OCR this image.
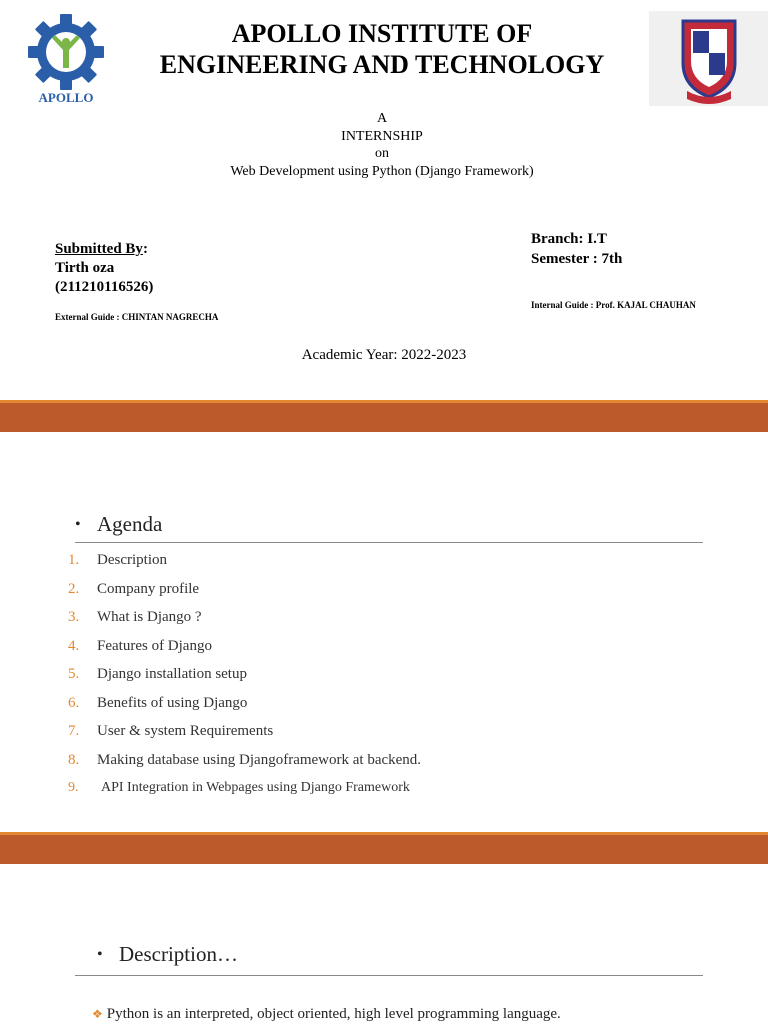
APOLLO
APOLLO INSTITUTE OF
ENGINEERING AND TECHNOLOGY
A
INTERNSHIP
on
Web Development using Python (Django Framework)
Submitted By:
Tirth oza
(211210116526)
External Guide : CHINTAN NAGRECHA
Branch: I.T
Semester : 7th
Internal Guide : Prof. KAJAL CHAUHAN
Academic Year: 2022-2023
• Agenda
1.	Description
2.	Company profile
3.	What is Django ?
4.	Features of Django
5.	Django installation setup
6.	Benefits of using Django
7.	User & system Requirements
8.	Making database using Djangoframework at backend.
9.	API Integration in Webpages using Django Framework
• Description…
❖ Python is an interpreted, object oriented, high level programming language.
